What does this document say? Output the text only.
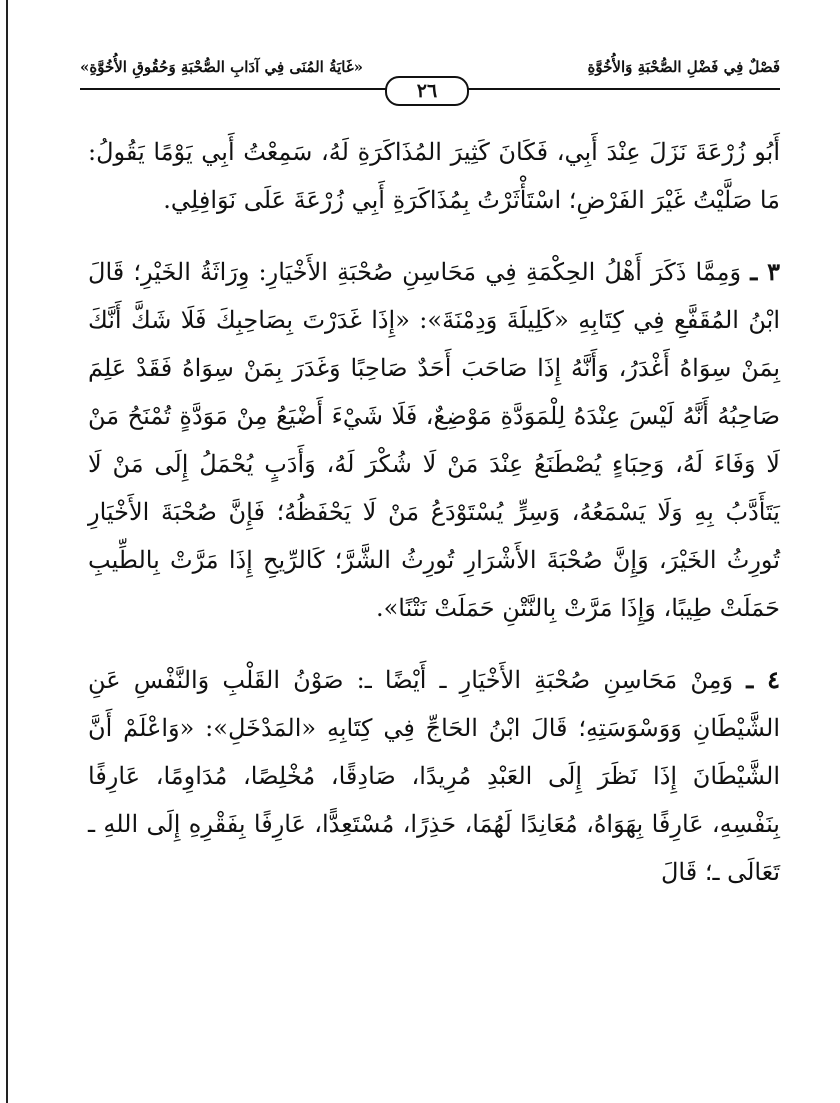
فَصْلٌ فِي فَضْلِ الصُّحْبَةِ وَالأُخُوَّةِ
«غَايَةُ المُنَى فِي آدَابِ الصُّحْبَةِ وَحُقُوقِ الأُخُوَّةِ»
٢٦

أَبُو زُرْعَةَ نَزَلَ عِنْدَ أَبِي، فَكَانَ كَثِيرَ المُذَاكَرَةِ لَهُ، سَمِعْتُ أَبِي يَوْمًا يَقُولُ: مَا صَلَّيْتُ غَيْرَ الفَرْضِ؛ اسْتَأْثَرْتُ بِمُذَاكَرَةِ أَبِي زُرْعَةَ عَلَى نَوَافِلِي.

٣ ـ وَمِمَّا ذَكَرَ أَهْلُ الحِكْمَةِ فِي مَحَاسِنِ صُحْبَةِ الأَخْيَارِ: وِرَاثَةُ الخَيْرِ؛ قَالَ ابْنُ المُقَفَّعِ فِي كِتَابِهِ «كَلِيلَةَ وَدِمْنَةَ»: «إِذَا غَدَرْتَ بِصَاحِبِكَ فَلَا شَكَّ أَنَّكَ بِمَنْ سِوَاهُ أَغْدَرُ، وَأَنَّهُ إِذَا صَاحَبَ أَحَدٌ صَاحِبًا وَغَدَرَ بِمَنْ سِوَاهُ فَقَدْ عَلِمَ صَاحِبُهُ أَنَّهُ لَيْسَ عِنْدَهُ لِلْمَوَدَّةِ مَوْضِعٌ، فَلَا شَيْءَ أَضْيَعُ مِنْ مَوَدَّةٍ تُمْنَحُ مَنْ لَا وَفَاءَ لَهُ، وَحِبَاءٍ يُصْطَنَعُ عِنْدَ مَنْ لَا شُكْرَ لَهُ، وَأَدَبٍ يُحْمَلُ إِلَى مَنْ لَا يَتَأَدَّبُ بِهِ وَلَا يَسْمَعُهُ، وَسِرٍّ يُسْتَوْدَعُ مَنْ لَا يَحْفَظُهُ؛ فَإِنَّ صُحْبَةَ الأَخْيَارِ تُورِثُ الخَيْرَ، وَإِنَّ صُحْبَةَ الأَشْرَارِ تُورِثُ الشَّرَّ؛ كَالرِّيحِ إِذَا مَرَّتْ بِالطِّيبِ حَمَلَتْ طِيبًا، وَإِذَا مَرَّتْ بِالنَّتْنِ حَمَلَتْ نَتْنًا».

٤ ـ وَمِنْ مَحَاسِنِ صُحْبَةِ الأَخْيَارِ ـ أَيْضًا ـ: صَوْنُ القَلْبِ وَالنَّفْسِ عَنِ الشَّيْطَانِ وَوَسْوَسَتِهِ؛ قَالَ ابْنُ الحَاجِّ فِي كِتَابِهِ «المَدْخَلِ»: «وَاعْلَمْ أَنَّ الشَّيْطَانَ إِذَا نَظَرَ إِلَى العَبْدِ مُرِيدًا، صَادِقًا، مُخْلِصًا، مُدَاوِمًا، عَارِفًا بِنَفْسِهِ، عَارِفًا بِهَوَاهُ، مُعَانِدًا لَهُمَا، حَذِرًا، مُسْتَعِدًّا، عَارِفًا بِفَقْرِهِ إِلَى اللهِ ـ تَعَالَى ـ؛ قَالَ
